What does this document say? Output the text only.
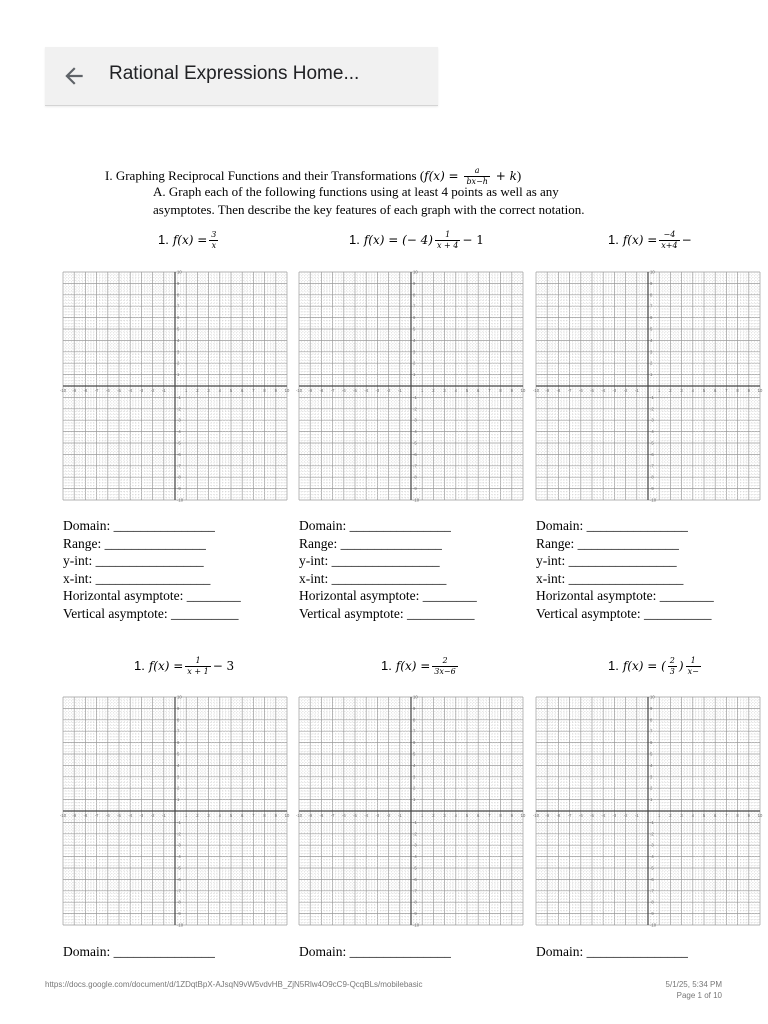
Rational Expressions Home...
I. Graphing Reciprocal Functions and their Transformations $(f(x) = \frac{a}{bx-h} + k)$
A. Graph each of the following functions using at least 4 points as well as any
asymptotes. Then describe the key features of each graph with the correct notation.
1. $f(x) = \frac{3}{x}$	1. f(x) = (− $4) \frac{1}{x + 4} - 1$	1. $f(x) = \frac{-4}{x+4}$ −
1. $f(x) = \frac{1}{x + 1} - 3$	1. $f(x) = \frac{2}{3x-6}$	1. f(x) = ( $\frac{2}{3}$ ) $\frac{1}{x-}$
-10 -9 -8 -7 -6 -5 -4 -3 -2 -1	1 2 3 4 5 6 7 8 9 10
10
9
8
7
6
5
4
3
2
1
-1
-2
-3
-4
-5
-6
-7
-8
-9
-10
-10 -9 -8 -7 -6 -5 -4 -3 -2 -1	1 2 3 4 5 6 7 8 9 10
10
9
8
7
6
5
4
3
2
1
-1
-2
-3
-4
-5
-6
-7
-8
-9
-10
-10 -9 -8 -7 -6 -5 -4 -3 -2 -1	1 2 3 4 5 6 7 8 9 10
10
9
8
7
6
5
4
3
2
1
-1
-2
-3
-4
-5
-6
-7
-8
-9
-10
-10 -9 -8 -7 -6 -5 -4 -3 -2 -1	1 2 3 4 5 6 7 8 9 10
10
9
8
7
6
5
4
3
2
1
-1
-2
-3
-4
-5
-6
-7
-8
-9
-10
-10 -9 -8 -7 -6 -5 -4 -3 -2 -1	1 2 3 4 5 6 7 8 9 10
10
9
8
7
6
5
4
3
2
1
-1
-2
-3
-4
-5
-6
-7
-8
-9
-10
-10 -9 -8 -7 -6 -5 -4 -3 -2 -1	1 2 3 4 5 6 7 8 9 10
10
9
8
7
6
5
4
3
2
1
-1
-2
-3
-4
-5
-6
-7
-8
-9
-10
Domain: _______________
Range: _______________
y-int: ________________
x-int: _________________
Horizontal asymptote: ________
Vertical asymptote: __________
Domain: _______________
Range: _______________
y-int: ________________
x-int: _________________
Horizontal asymptote: ________
Vertical asymptote: __________
Domain: _______________
Range: _______________
y-int: ________________
x-int: _________________
Horizontal asymptote: ________
Vertical asymptote: __________
Domain: _______________	Domain: _______________	Domain: _______________
https://docs.google.com/document/d/1ZDqtBpX-AJsqN9vW5vdvHB_ZjN5Rlw4O9cC9-QcqBLs/mobilebasic	5/1/25, 5:34 PM
Page 1 of 10
